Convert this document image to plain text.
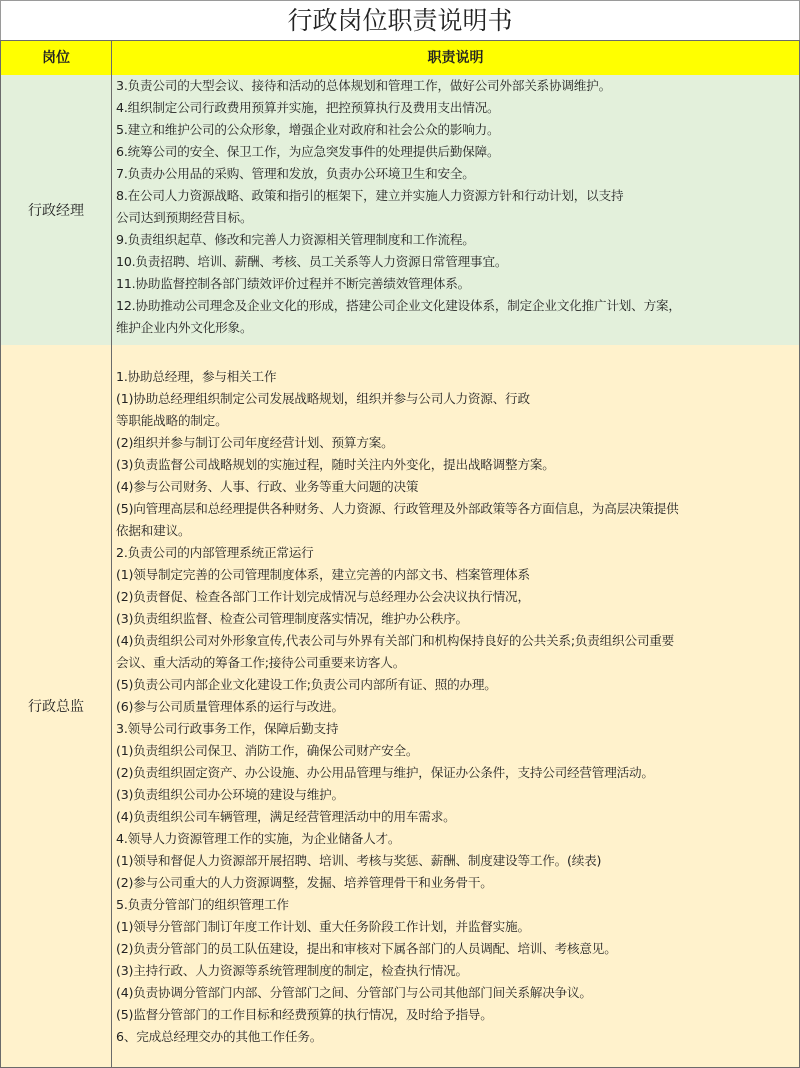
行政岗位职责说明书
岗位	职责说明
行政经理
3.负责公司的大型会议、接待和活动的总体规划和管理工作，做好公司外部关系协调维护。
4.组织制定公司行政费用预算并实施，把控预算执行及费用支出情况。
5.建立和维护公司的公众形象，增强企业对政府和社会公众的影响力。
6.统筹公司的安全、保卫工作，为应急突发事件的处理提供后勤保障。
7.负责办公用品的采购、管理和发放，负责办公环境卫生和安全。
8.在公司人力资源战略、政策和指引的框架下，建立并实施人力资源方针和行动计划，以支持
公司达到预期经营目标。
9.负责组织起草、修改和完善人力资源相关管理制度和工作流程。
10.负责招聘、培训、薪酬、考核、员工关系等人力资源日常管理事宜。
11.协助监督控制各部门绩效评价过程并不断完善绩效管理体系。
12.协助推动公司理念及企业文化的形成，搭建公司企业文化建设体系，制定企业文化推广计划、方案，
维护企业内外文化形象。
行政总监
1.协助总经理，参与相关工作
(1)协助总经理组织制定公司发展战略规划，组织并参与公司人力资源、行政
等职能战略的制定。
(2)组织并参与制订公司年度经营计划、预算方案。
(3)负责监督公司战略规划的实施过程，随时关注内外变化，提出战略调整方案。
(4)参与公司财务、人事、行政、业务等重大问题的决策
(5)向管理高层和总经理提供各种财务、人力资源、行政管理及外部政策等各方面信息，为高层决策提供
依据和建议。
2.负责公司的内部管理系统正常运行
(1)领导制定完善的公司管理制度体系，建立完善的内部文书、档案管理体系
(2)负责督促、检查各部门工作计划完成情况与总经理办公会决议执行情况，
(3)负责组织监督、检查公司管理制度落实情况，维护办公秩序。
(4)负责组织公司对外形象宣传,代表公司与外界有关部门和机构保持良好的公共关系;负责组织公司重要
会议、重大活动的筹备工作;接待公司重要来访客人。
(5)负责公司内部企业文化建设工作;负责公司内部所有证、照的办理。
(6)参与公司质量管理体系的运行与改进。
3.领导公司行政事务工作，保障后勤支持
(1)负责组织公司保卫、消防工作，确保公司财产安全。
(2)负责组织固定资产、办公设施、办公用品管理与维护，保证办公条件，支持公司经营管理活动。
(3)负责组织公司办公环境的建设与维护。
(4)负责组织公司车辆管理，满足经营管理活动中的用车需求。
4.领导人力资源管理工作的实施，为企业储备人才。
(1)领导和督促人力资源部开展招聘、培训、考核与奖惩、薪酬、制度建设等工作。(续表)
(2)参与公司重大的人力资源调整，发掘、培养管理骨干和业务骨干。
5.负责分管部门的组织管理工作
(1)领导分管部门制订年度工作计划、重大任务阶段工作计划，并监督实施。
(2)负责分管部门的员工队伍建设，提出和审核对下属各部门的人员调配、培训、考核意见。
(3)主持行政、人力资源等系统管理制度的制定，检查执行情况。
(4)负责协调分管部门内部、分管部门之间、分管部门与公司其他部门间关系解决争议。
(5)监督分管部门的工作目标和经费预算的执行情况，及时给予指导。
6、完成总经理交办的其他工作任务。
